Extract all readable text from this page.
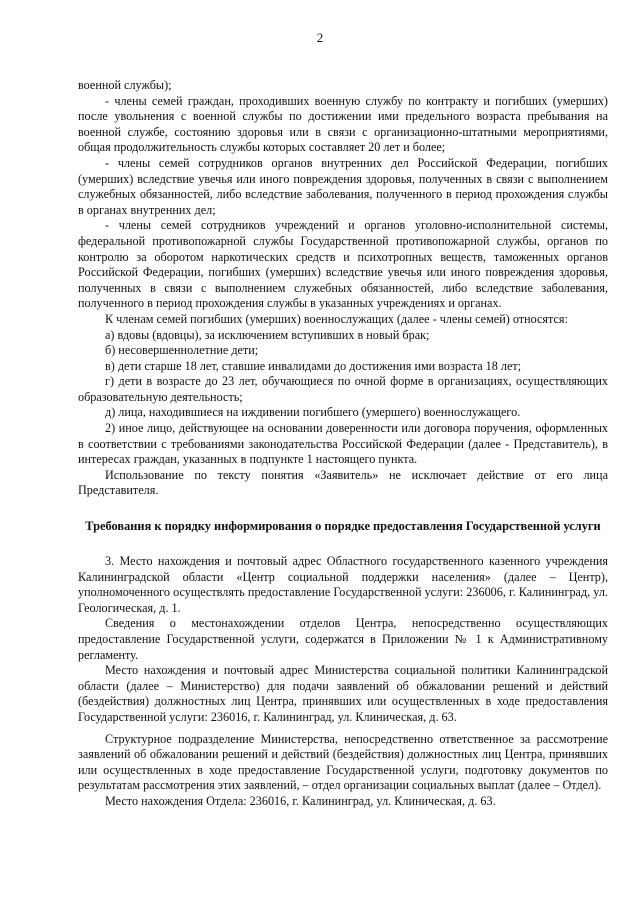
2

военной службы);

- члены семей граждан, проходивших военную службу по контракту и погибших (умерших) после увольнения с военной службы по достижении ими предельного возраста пребывания на военной службе, состоянию здоровья или в связи с организационно-штатными мероприятиями, общая продолжительность службы которых составляет 20 лет и более;

- члены семей сотрудников органов внутренних дел Российской Федерации, погибших (умерших) вследствие увечья или иного повреждения здоровья, полученных в связи с выполнением служебных обязанностей, либо вследствие заболевания, полученного в период прохождения службы в органах внутренних дел;

- члены семей сотрудников учреждений и органов уголовно-исполнительной системы, федеральной противопожарной службы Государственной противопожарной службы, органов по контролю за оборотом наркотических средств и психотропных веществ, таможенных органов Российской Федерации, погибших (умерших) вследствие увечья или иного повреждения здоровья, полученных в связи с выполнением служебных обязанностей, либо вследствие заболевания, полученного в период прохождения службы в указанных учреждениях и органах.

К членам семей погибших (умерших) военнослужащих (далее - члены семей) относятся:

а) вдовы (вдовцы), за исключением вступивших в новый брак;

б) несовершеннолетние дети;

в) дети старше 18 лет, ставшие инвалидами до достижения ими возраста 18 лет;

г) дети в возрасте до 23 лет, обучающиеся по очной форме в организациях, осуществляющих образовательную деятельность;

д) лица, находившиеся на иждивении погибшего (умершего) военнослужащего.

2) иное лицо, действующее на основании доверенности или договора поручения, оформленных в соответствии с требованиями законодательства Российской Федерации (далее - Представитель), в интересах граждан, указанных в подпункте 1 настоящего пункта.

Использование по тексту понятия «Заявитель» не исключает действие от его лица Представителя.

Требования к порядку информирования о порядке предоставления Государственной услуги

3. Место нахождения и почтовый адрес Областного государственного казенного учреждения Калининградской области «Центр социальной поддержки населения» (далее – Центр), уполномоченного осуществлять предоставление Государственной услуги: 236006, г. Калининград, ул. Геологическая, д. 1.

Сведения о местонахождении отделов Центра, непосредственно осуществляющих предоставление Государственной услуги, содержатся в Приложении № 1 к Административному регламенту.

Место нахождения и почтовый адрес Министерства социальной политики Калининградской области (далее – Министерство) для подачи заявлений об обжаловании решений и действий (бездействия) должностных лиц Центра, принявших или осуществленных в ходе предоставления Государственной услуги: 236016, г. Калининград, ул. Клиническая, д. 63.

Структурное подразделение Министерства, непосредственно ответственное за рассмотрение заявлений об обжаловании решений и действий (бездействия) должностных лиц Центра, принявших или осуществленных в ходе предоставление Государственной услуги, подготовку документов по результатам рассмотрения этих заявлений, – отдел организации социальных выплат (далее – Отдел).

Место нахождения Отдела: 236016, г. Калининград, ул. Клиническая, д. 63.
